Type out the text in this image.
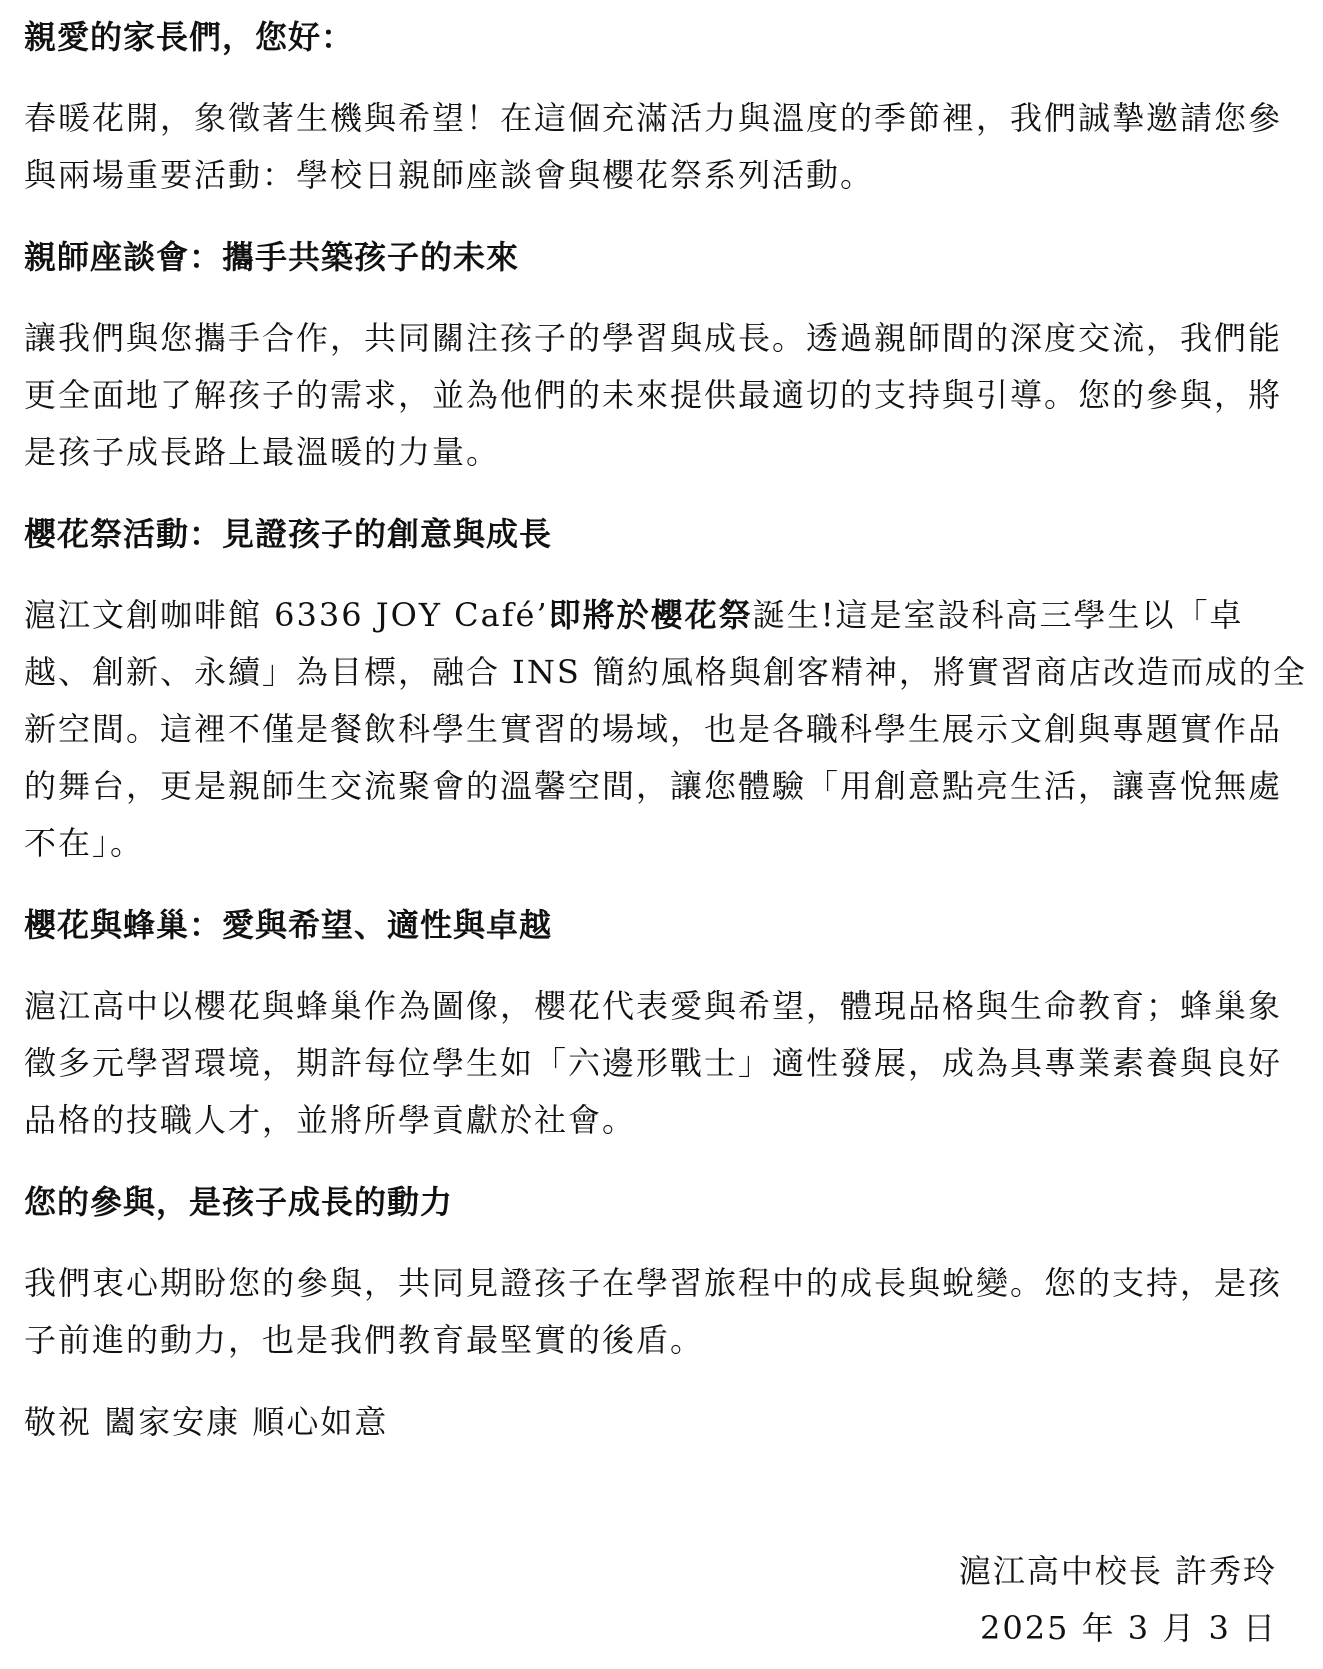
親愛的家長們，您好：

春暖花開，象徵著生機與希望！在這個充滿活力與溫度的季節裡，我們誠摯邀請您參與兩場重要活動：學校日親師座談會與櫻花祭系列活動。

親師座談會：攜手共築孩子的未來

讓我們與您攜手合作，共同關注孩子的學習與成長。透過親師間的深度交流，我們能更全面地了解孩子的需求，並為他們的未來提供最適切的支持與引導。您的參與，將是孩子成長路上最溫暖的力量。

櫻花祭活動：見證孩子的創意與成長

滬江文創咖啡館 6336 JOY Café’即將於櫻花祭誕生!這是室設科高三學生以「卓越、創新、永續」為目標，融合 INS 簡約風格與創客精神，將實習商店改造而成的全新空間。這裡不僅是餐飲科學生實習的場域，也是各職科學生展示文創與專題實作品的舞台，更是親師生交流聚會的溫馨空間，讓您體驗「用創意點亮生活，讓喜悅無處不在」。

櫻花與蜂巢：愛與希望、適性與卓越

滬江高中以櫻花與蜂巢作為圖像，櫻花代表愛與希望，體現品格與生命教育；蜂巢象徵多元學習環境，期許每位學生如「六邊形戰士」適性發展，成為具專業素養與良好品格的技職人才，並將所學貢獻於社會。

您的參與，是孩子成長的動力

我們衷心期盼您的參與，共同見證孩子在學習旅程中的成長與蛻變。您的支持，是孩子前進的動力，也是我們教育最堅實的後盾。

敬祝 闔家安康 順心如意

滬江高中校長 許秀玲
2025 年 3 月 3 日
